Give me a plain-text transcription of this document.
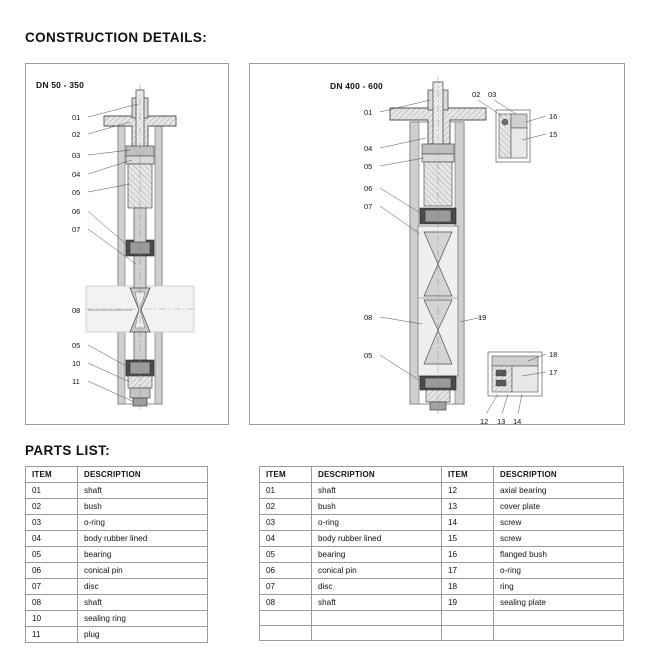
CONSTRUCTION DETAILS:
DN 50 - 350
01
02
03
04
05
06
07
08
05
10
11
DN 400 - 600
01
04
05
06
07
08
05
02 03
16
15
19
18
17
12 13 14
PARTS LIST:
ITEM	DESCRIPTION
01	shaft
02	bush
03	o-ring
04	body rubber lined
05	bearing
06	conical pin
07	disc
08	shaft
10	sealing ring
11	plug
ITEM	DESCRIPTION	ITEM	DESCRIPTION
01	shaft	12	axial bearing
02	bush	13	cover plate
03	o-ring	14	screw
04	body rubber lined	15	screw
05	bearing	16	flanged bush
06	conical pin	17	o-ring
07	disc	18	ring
08	shaft	19	sealing plate
